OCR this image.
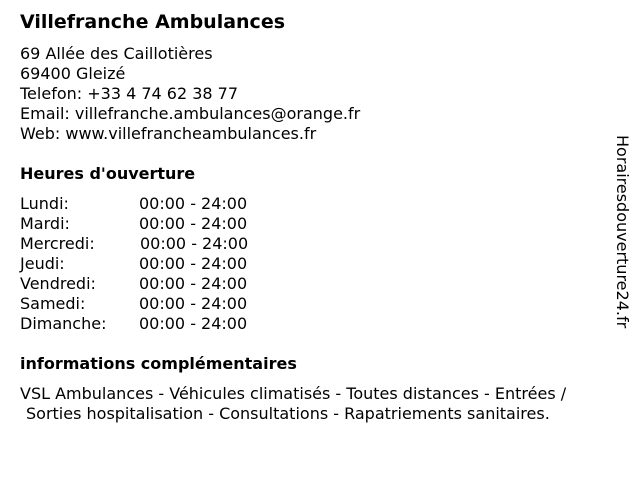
Villefranche Ambulances
69 Allée des Caillotières
69400 Gleizé
Telefon: +33 4 74 62 38 77
Email: villefranche.ambulances@orange.fr
Web: www.villefrancheambulances.fr
Heures d'ouverture
Lundi:	00:00 - 24:00
Mardi:	00:00 - 24:00
Mercredi:	00:00 - 24:00
Jeudi:	00:00 - 24:00
Vendredi:	00:00 - 24:00
Samedi:	00:00 - 24:00
Dimanche:	00:00 - 24:00
informations complémentaires
VSL Ambulances - Véhicules climatisés - Toutes distances - Entrées /
Sorties hospitalisation - Consultations - Rapatriements sanitaires.
Horairesdouverture24.fr
